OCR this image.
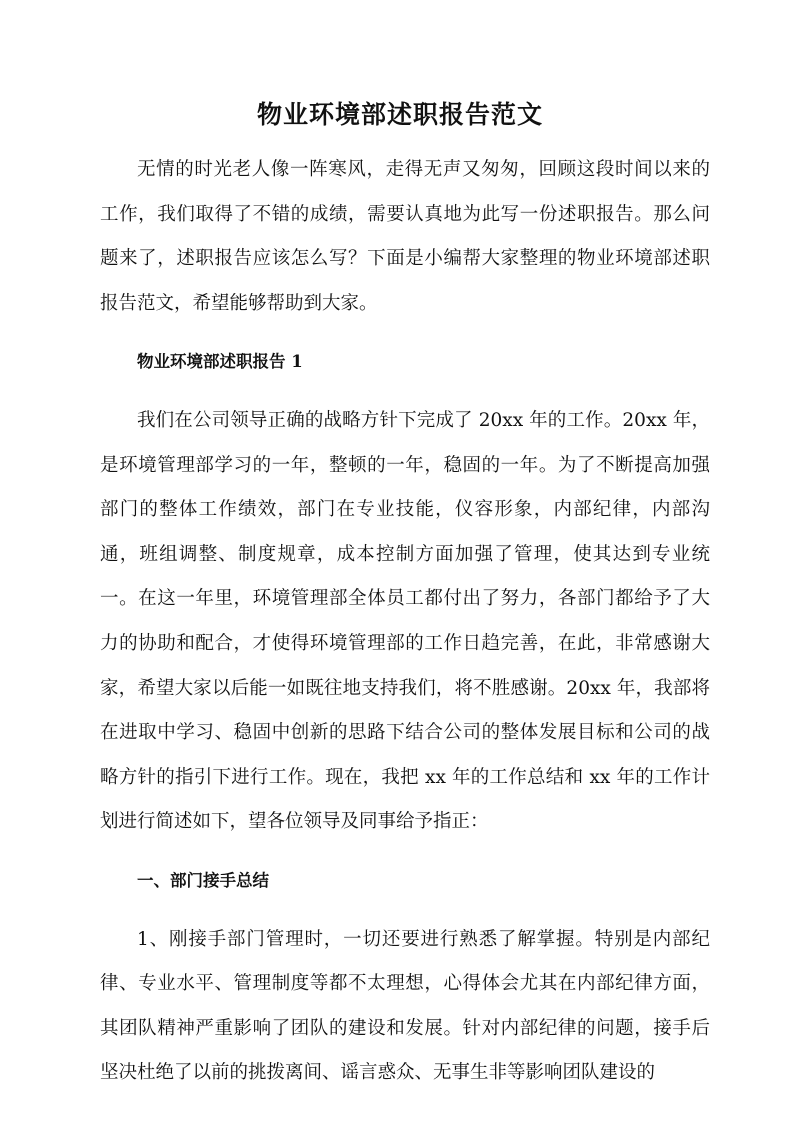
物业环境部述职报告范文

无情的时光老人像一阵寒风，走得无声又匆匆，回顾这段时间以来的工作，我们取得了不错的成绩，需要认真地为此写一份述职报告。那么问题来了，述职报告应该怎么写？下面是小编帮大家整理的物业环境部述职报告范文，希望能够帮助到大家。

物业环境部述职报告 1

我们在公司领导正确的战略方针下完成了 20xx 年的工作。20xx 年，是环境管理部学习的一年，整顿的一年，稳固的一年。为了不断提高加强部门的整体工作绩效，部门在专业技能，仪容形象，内部纪律，内部沟通，班组调整、制度规章，成本控制方面加强了管理，使其达到专业统一。在这一年里，环境管理部全体员工都付出了努力，各部门都给予了大力的协助和配合，才使得环境管理部的工作日趋完善，在此，非常感谢大家，希望大家以后能一如既往地支持我们，将不胜感谢。20xx 年，我部将在进取中学习、稳固中创新的思路下结合公司的整体发展目标和公司的战略方针的指引下进行工作。现在，我把 xx 年的工作总结和 xx 年的工作计划进行简述如下，望各位领导及同事给予指正：

一、部门接手总结

1、刚接手部门管理时，一切还要进行熟悉了解掌握。特别是内部纪律、专业水平、管理制度等都不太理想，心得体会尤其在内部纪律方面，其团队精神严重影响了团队的建设和发展。针对内部纪律的问题，接手后坚决杜绝了以前的挑拨离间、谣言惑众、无事生非等影响团队建设的
